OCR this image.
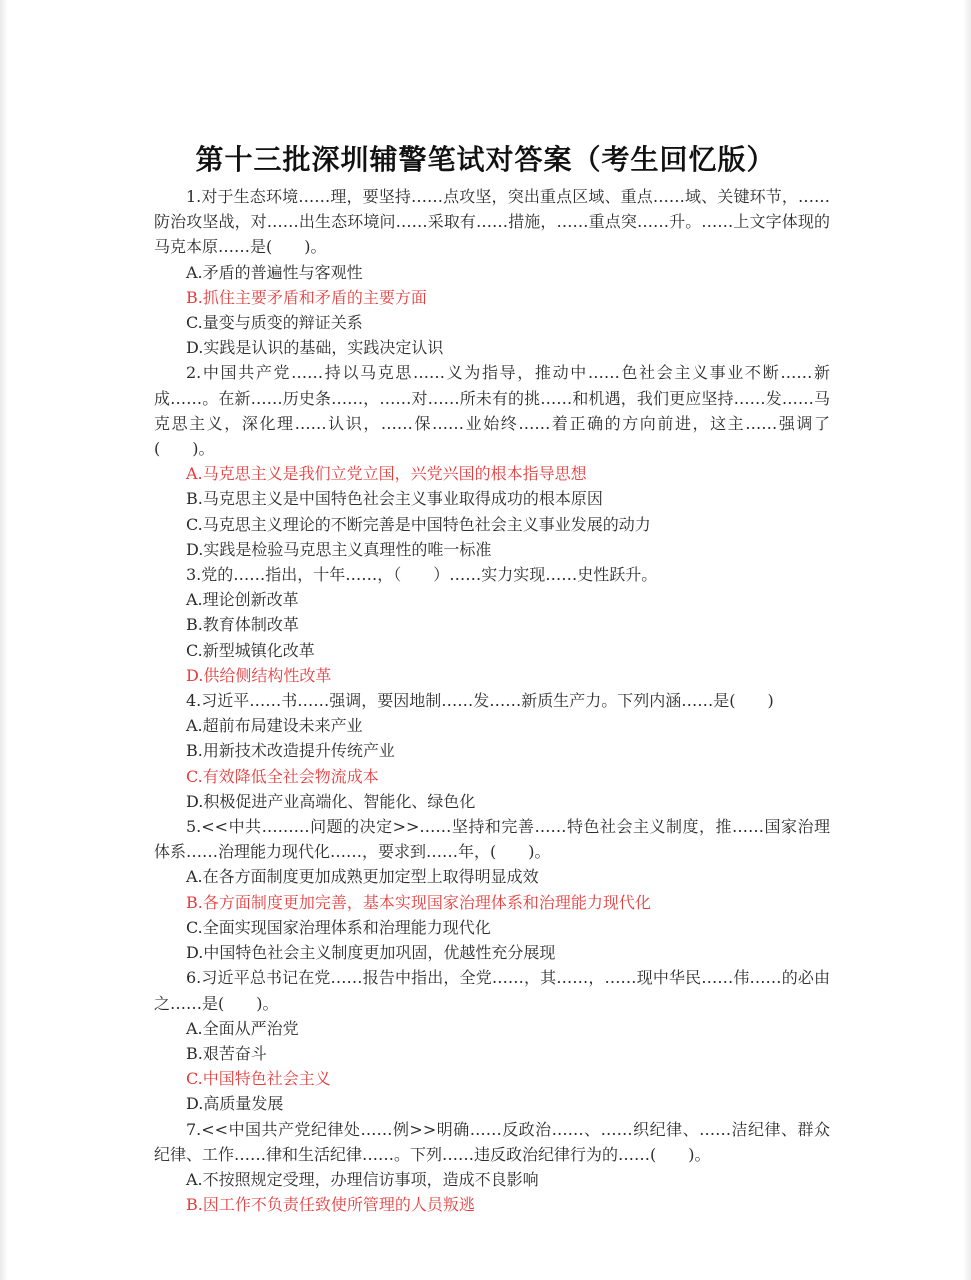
第十三批深圳辅警笔试对答案（考生回忆版）

1.对于生态环境……理，要坚持……点攻坚，突出重点区域、重点……域、关键环节，……防治攻坚战，对……出生态环境问……采取有……措施，……重点突……升。……上文字体现的马克本原……是(　　)。

A.矛盾的普遍性与客观性

B.抓住主要矛盾和矛盾的主要方面

C.量变与质变的辩证关系

D.实践是认识的基础，实践决定认识

2.中国共产党……持以马克思……义为指导，推动中……色社会主义事业不断……新成……。在新……历史条……，……对……所未有的挑……和机遇，我们更应坚持……发……马克思主义，深化理……认识，……保……业始终……着正确的方向前进，这主……强调了(　　)。

A.马克思主义是我们立党立国，兴党兴国的根本指导思想

B.马克思主义是中国特色社会主义事业取得成功的根本原因

C.马克思主义理论的不断完善是中国特色社会主义事业发展的动力

D.实践是检验马克思主义真理性的唯一标准

3.党的……指出，十年……，（　　）……实力实现……史性跃升。

A.理论创新改革

B.教育体制改革

C.新型城镇化改革

D.供给侧结构性改革

4.习近平……书……强调，要因地制……发……新质生产力。下列内涵……是(　　)

A.超前布局建设未来产业

B.用新技术改造提升传统产业

C.有效降低全社会物流成本

D.积极促进产业高端化、智能化、绿色化

5.<<中共………问题的决定>>……坚持和完善……特色社会主义制度，推……国家治理体系……治理能力现代化……，要求到……年，(　　)。

A.在各方面制度更加成熟更加定型上取得明显成效

B.各方面制度更加完善，基本实现国家治理体系和治理能力现代化

C.全面实现国家治理体系和治理能力现代化

D.中国特色社会主义制度更加巩固，优越性充分展现

6.习近平总书记在党……报告中指出，全党……，其……，……现中华民……伟……的必由之……是(　　)。

A.全面从严治党

B.艰苦奋斗

C.中国特色社会主义

D.高质量发展

7.<<中国共产党纪律处……例>>明确……反政治……、……织纪律、……洁纪律、群众纪律、工作……律和生活纪律……。下列……违反政治纪律行为的……(　　)。

A.不按照规定受理，办理信访事项，造成不良影响

B.因工作不负责任致使所管理的人员叛逃
